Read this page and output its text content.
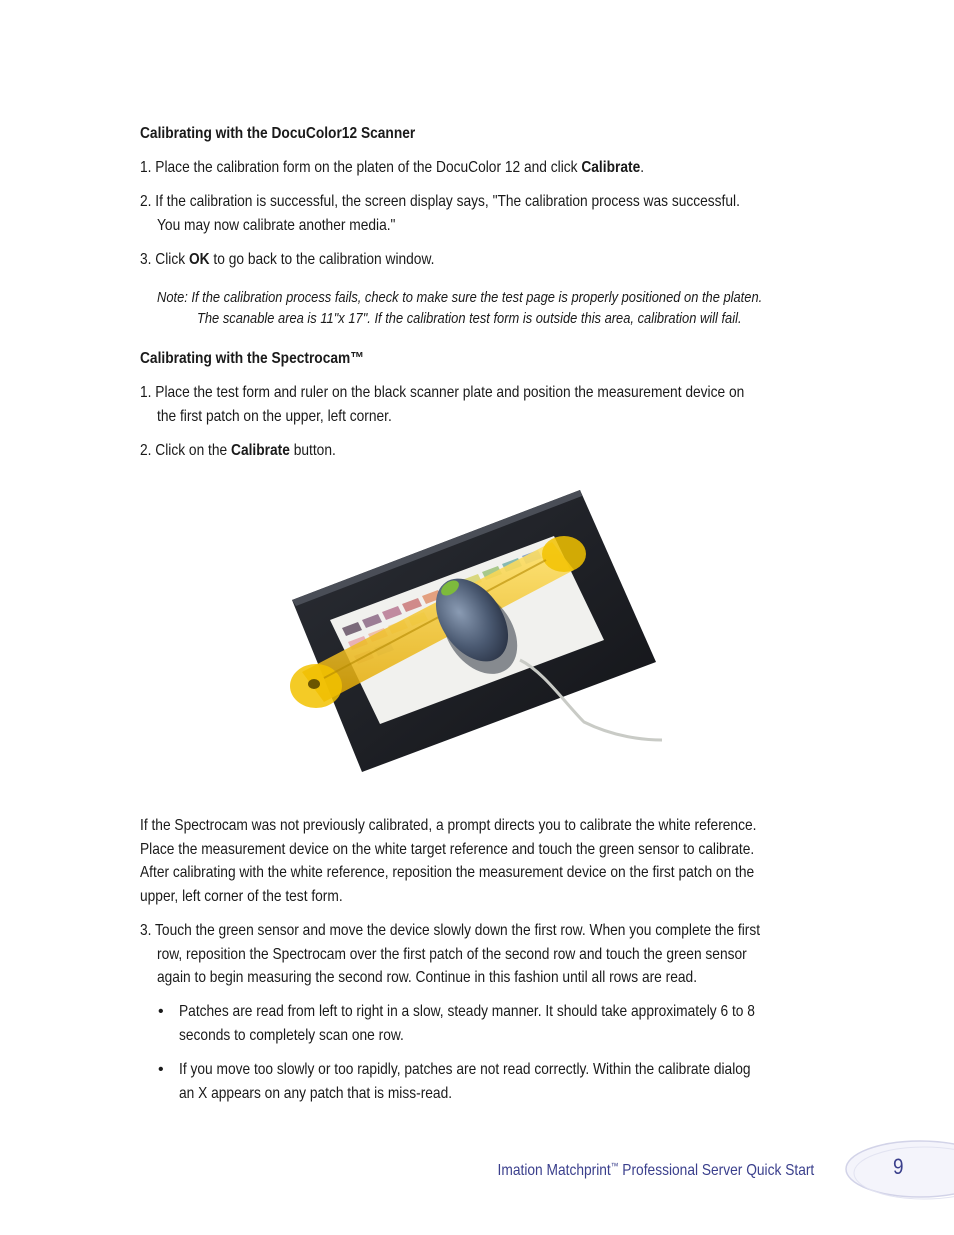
Calibrating with the DocuColor12 Scanner
1. Place the calibration form on the platen of the DocuColor 12 and click Calibrate.
2. If the calibration is successful, the screen display says, "The calibration process was successful.
You may now calibrate another media."
3. Click OK to go back to the calibration window.
Note: If the calibration process fails, check to make sure the test page is properly positioned on the platen.
The scanable area is 11"x 17". If the calibration test form is outside this area, calibration will fail.
Calibrating with the Spectrocam™
1. Place the test form and ruler on the black scanner plate and position the measurement device on
the first patch on the upper, left corner.
2. Click on the Calibrate button.
If the Spectrocam was not previously calibrated, a prompt directs you to calibrate the white reference.
Place the measurement device on the white target reference and touch the green sensor to calibrate.
After calibrating with the white reference, reposition the measurement device on the first patch on the
upper, left corner of the test form.
3. Touch the green sensor and move the device slowly down the first row. When you complete the first
row, reposition the Spectrocam over the first patch of the second row and touch the green sensor
again to begin measuring the second row. Continue in this fashion until all rows are read.
• Patches are read from left to right in a slow, steady manner. It should take approximately 6 to 8
seconds to completely scan one row.
• If you move too slowly or too rapidly, patches are not read correctly. Within the calibrate dialog
an X appears on any patch that is miss-read.
Imation Matchprint™ Professional Server Quick Start	9
